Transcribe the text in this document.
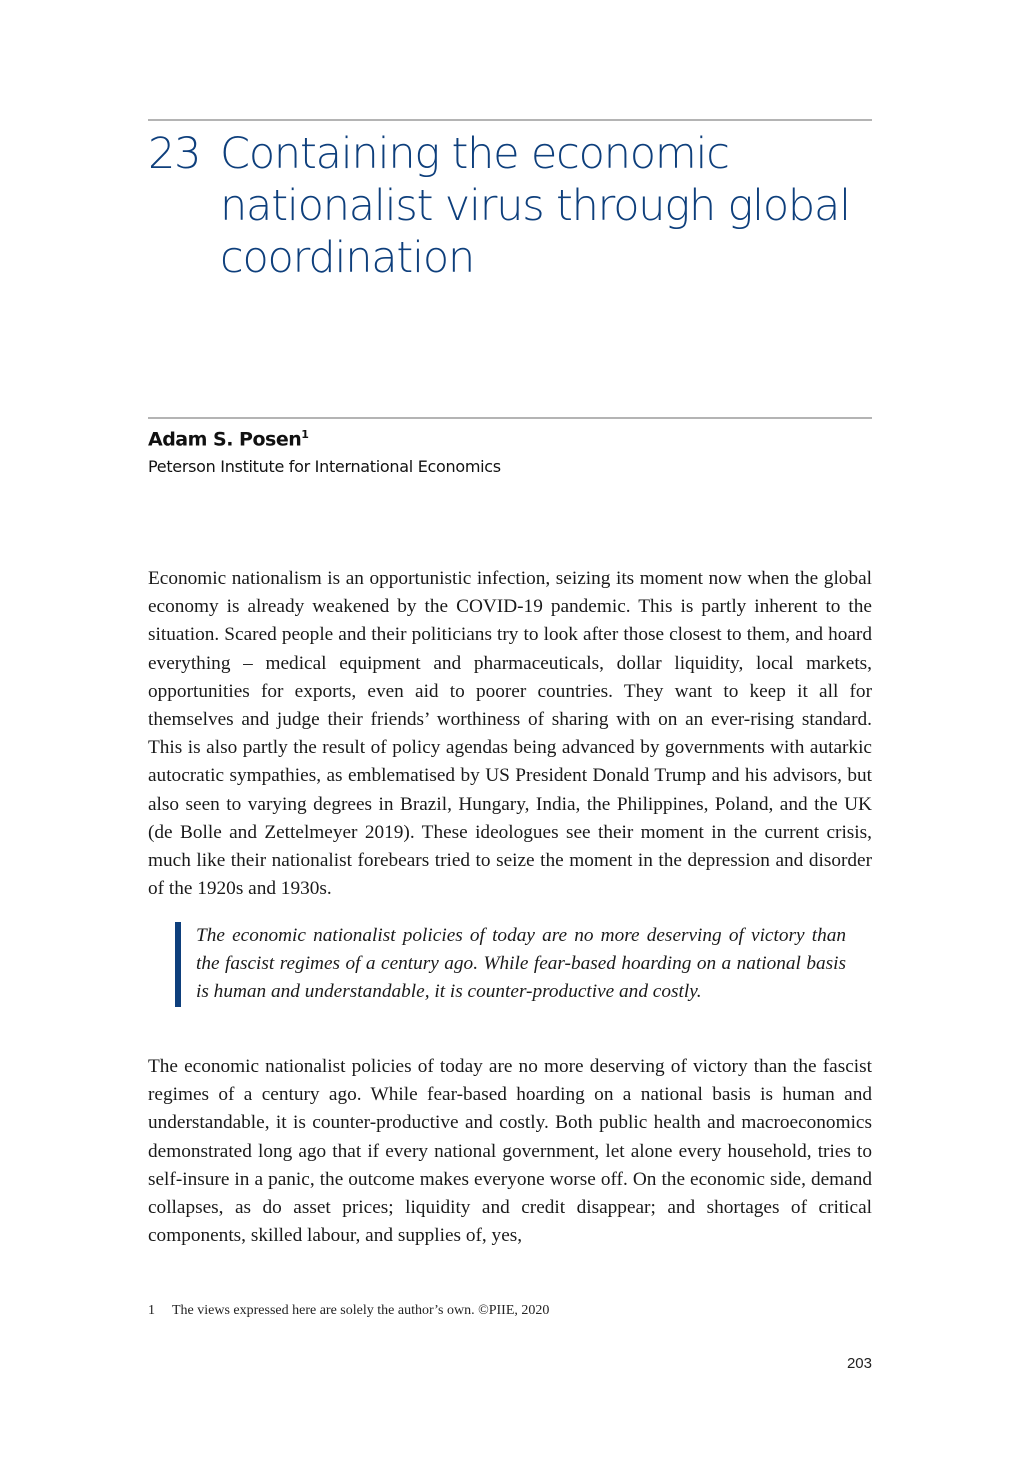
23 Containing the economic nationalist virus through global coordination
Adam S. Posen$^1$
Peterson Institute for International Economics

Economic nationalism is an opportunistic infection, seizing its moment now when the global economy is already weakened by the COVID-19 pandemic. This is partly inherent to the situation. Scared people and their politicians try to look after those closest to them, and hoard everything – medical equipment and pharmaceuticals, dollar liquidity, local markets, opportunities for exports, even aid to poorer countries. They want to keep it all for themselves and judge their friends’ worthiness of sharing with on an ever-rising standard. This is also partly the result of policy agendas being advanced by governments with autarkic autocratic sympathies, as emblematised by US President Donald Trump and his advisors, but also seen to varying degrees in Brazil, Hungary, India, the Philippines, Poland, and the UK (de Bolle and Zettelmeyer 2019). These ideologues see their moment in the current crisis, much like their nationalist forebears tried to seize the moment in the depression and disorder of the 1920s and 1930s.

The economic nationalist policies of today are no more deserving of victory than the fascist regimes of a century ago. While fear-based hoarding on a national basis is human and understandable, it is counter-productive and costly.

The economic nationalist policies of today are no more deserving of victory than the fascist regimes of a century ago. While fear-based hoarding on a national basis is human and understandable, it is counter-productive and costly. Both public health and macroeconomics demonstrated long ago that if every national government, let alone every household, tries to self-insure in a panic, the outcome makes everyone worse off. On the economic side, demand collapses, as do asset prices; liquidity and credit disappear; and shortages of critical components, skilled labour, and supplies of, yes,

1 The views expressed here are solely the author’s own. ©PIIE, 2020
203
